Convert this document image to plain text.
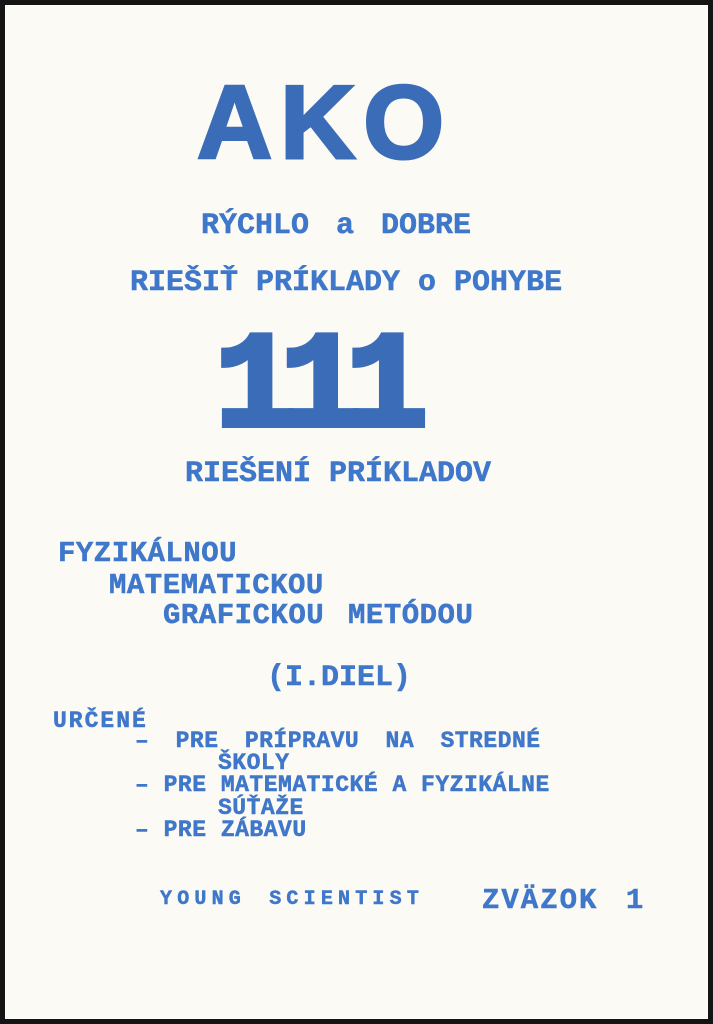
AKO
RÝCHLO a DOBRE
RIEŠIŤ PRÍKLADY o POHYBE
111
RIEŠENÍ PRÍKLADOV
FYZIKÁLNOU
MATEMATICKOU
GRAFICKOU METÓDOU
(I.DIEL)
URČENÉ
– PRE PRÍPRAVU NA STREDNÉ
ŠKOLY
– PRE MATEMATICKÉ A FYZIKÁLNE
SÚŤAŽE
– PRE ZÁBAVU
YOUNG SCIENTIST ZVÄZOK 1
